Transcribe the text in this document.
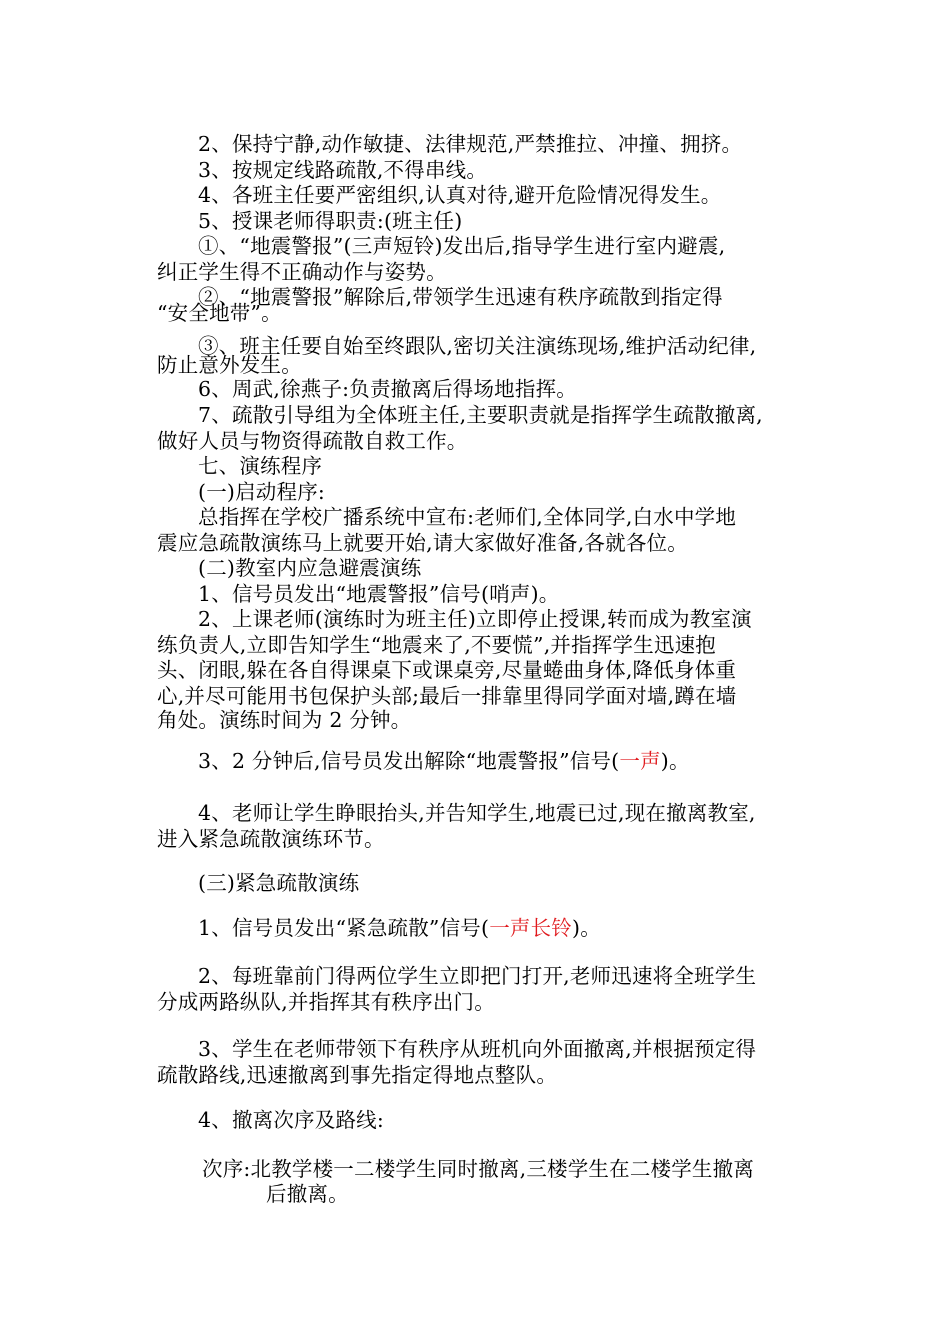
2、保持宁静,动作敏捷、法律规范,严禁推拉、冲撞、拥挤。
3、按规定线路疏散,不得串线。
4、各班主任要严密组织,认真对待,避开危险情况得发生。
5、授课老师得职责:(班主任)
①、“地震警报”(三声短铃)发出后,指导学生进行室内避震,
纠正学生得不正确动作与姿势。
②、“地震警报”解除后,带领学生迅速有秩序疏散到指定得
“安全地带”。
③、班主任要自始至终跟队,密切关注演练现场,维护活动纪律,
防止意外发生。
6、周武,徐燕子:负责撤离后得场地指挥。
7、疏散引导组为全体班主任,主要职责就是指挥学生疏散撤离,
做好人员与物资得疏散自救工作。
七、演练程序
(一)启动程序:
总指挥在学校广播系统中宣布:老师们,全体同学,白水中学地
震应急疏散演练马上就要开始,请大家做好准备,各就各位。
(二)教室内应急避震演练
1、信号员发出“地震警报”信号(哨声)。
2、上课老师(演练时为班主任)立即停止授课,转而成为教室演
练负责人,立即告知学生“地震来了,不要慌”,并指挥学生迅速抱
头、闭眼,躲在各自得课桌下或课桌旁,尽量蜷曲身体,降低身体重
心,并尽可能用书包保护头部;最后一排靠里得同学面对墙,蹲在墙
角处。演练时间为 2 分钟。
3、2 分钟后,信号员发出解除“地震警报”信号(一声)。
4、老师让学生睁眼抬头,并告知学生,地震已过,现在撤离教室,
进入紧急疏散演练环节。
(三)紧急疏散演练
1、信号员发出“紧急疏散”信号(一声长铃)。
2、每班靠前门得两位学生立即把门打开,老师迅速将全班学生
分成两路纵队,并指挥其有秩序出门。
3、学生在老师带领下有秩序从班机向外面撤离,并根据预定得
疏散路线,迅速撤离到事先指定得地点整队。
4、撤离次序及路线:
次序:北教学楼一二楼学生同时撤离,三楼学生在二楼学生撤离
后撤离。
